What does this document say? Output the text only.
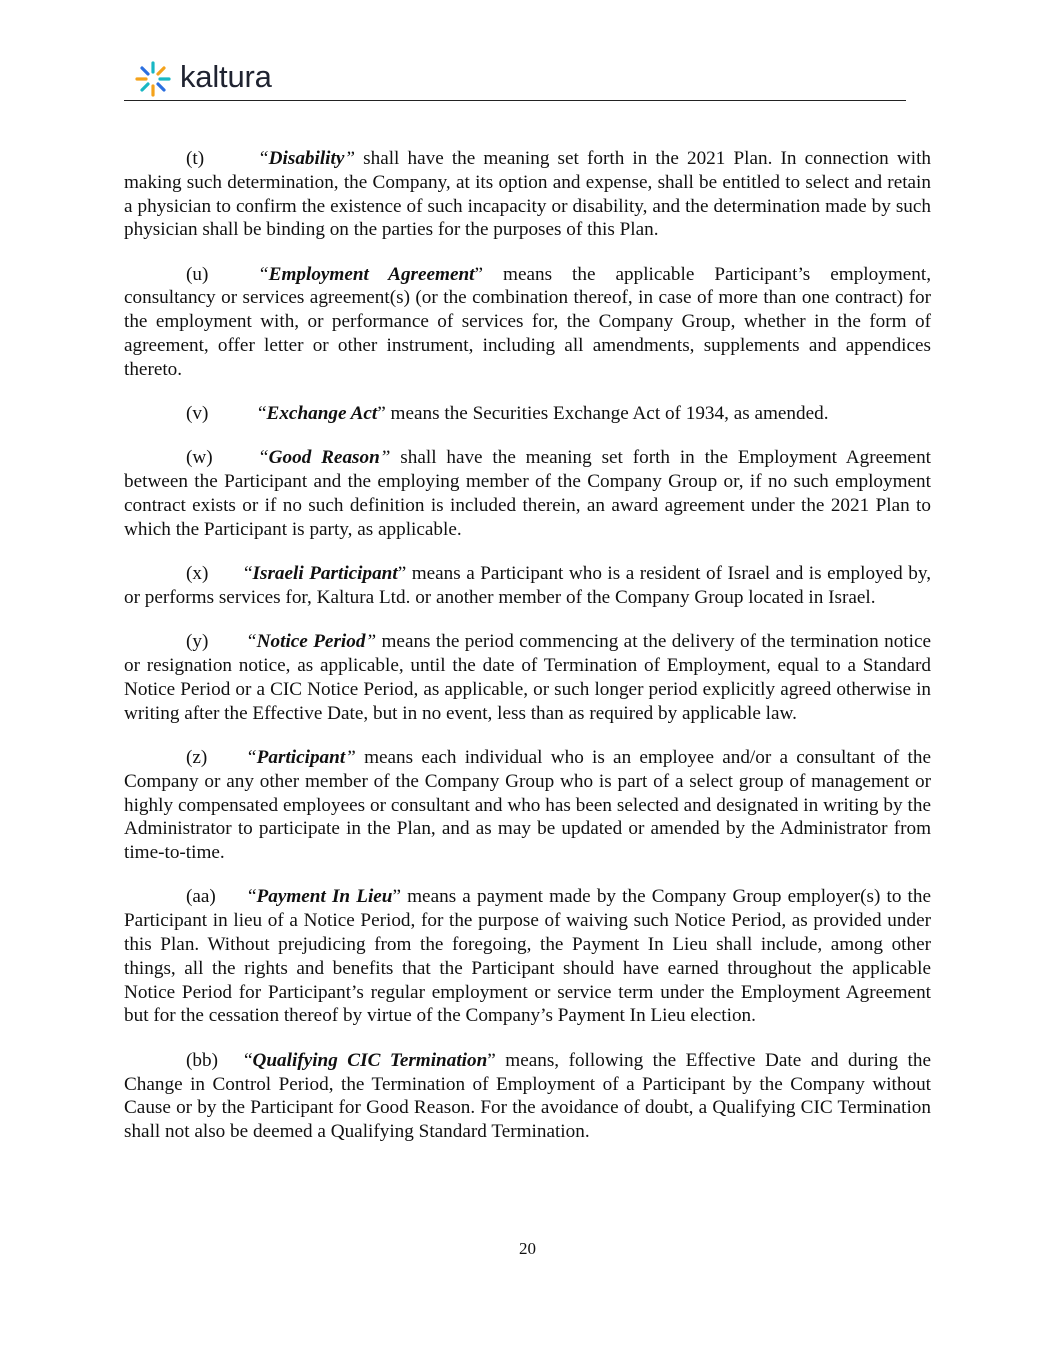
kaltura

(t)	“Disability” shall have the meaning set forth in the 2021 Plan. In connection with making such determination, the Company, at its option and expense, shall be entitled to select and retain a physician to confirm the existence of such incapacity or disability, and the determination made by such physician shall be binding on the parties for the purposes of this Plan.

(u)	“Employment Agreement” means the applicable Participant’s employment, consultancy or services agreement(s) (or the combination thereof, in case of more than one contract) for the employment with, or performance of services for, the Company Group, whether in the form of agreement, offer letter or other instrument, including all amendments, supplements and appendices thereto.

(v)	“Exchange Act” means the Securities Exchange Act of 1934, as amended.

(w) “Good Reason” shall have the meaning set forth in the Employment Agreement between the Participant and the employing member of the Company Group or, if no such employment contract exists or if no such definition is included therein, an award agreement under the 2021 Plan to which the Participant is party, as applicable.

(x) “Israeli Participant” means a Participant who is a resident of Israel and is employed by, or performs services for, Kaltura Ltd. or another member of the Company Group located in Israel.

(y) “Notice Period” means the period commencing at the delivery of the termination notice or resignation notice, as applicable, until the date of Termination of Employment, equal to a Standard Notice Period or a CIC Notice Period, as applicable, or such longer period explicitly agreed otherwise in writing after the Effective Date, but in no event, less than as required by applicable law.

(z) “Participant” means each individual who is an employee and/or a consultant of the Company or any other member of the Company Group who is part of a select group of management or highly compensated employees or consultant and who has been selected and designated in writing by the Administrator to participate in the Plan, and as may be updated or amended by the Administrator from time-to-time.

(aa) “Payment In Lieu” means a payment made by the Company Group employer(s) to the Participant in lieu of a Notice Period, for the purpose of waiving such Notice Period, as provided under this Plan. Without prejudicing from the foregoing, the Payment In Lieu shall include, among other things, all the rights and benefits that the Participant should have earned throughout the applicable Notice Period for Participant’s regular employment or service term under the Employment Agreement but for the cessation thereof by virtue of the Company’s Payment In Lieu election.

(bb) “Qualifying CIC Termination” means, following the Effective Date and during the Change in Control Period, the Termination of Employment of a Participant by the Company without Cause or by the Participant for Good Reason. For the avoidance of doubt, a Qualifying CIC Termination shall not also be deemed a Qualifying Standard Termination.

20
